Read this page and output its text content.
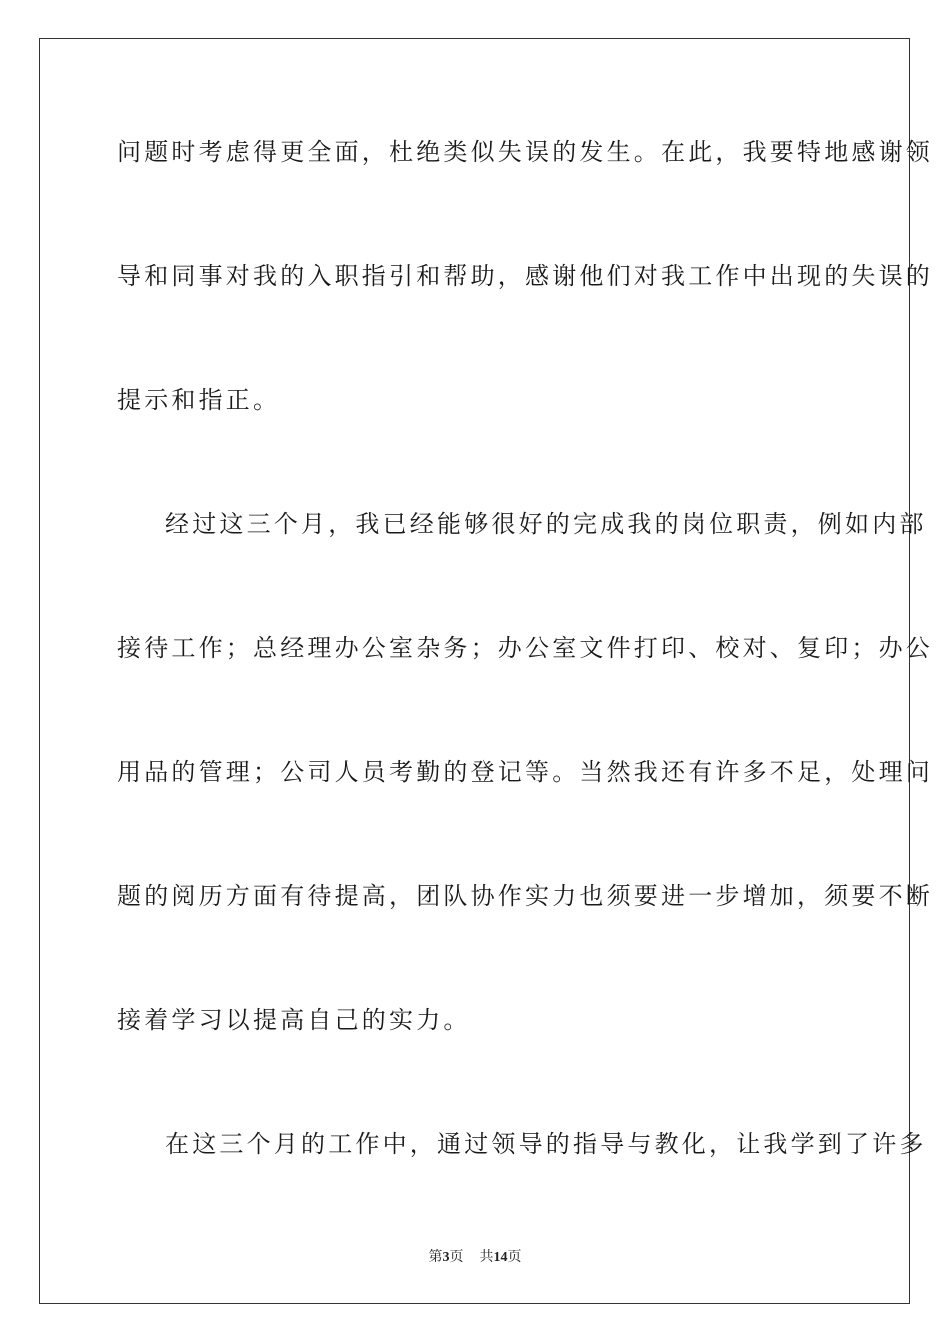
问题时考虑得更全面，杜绝类似失误的发生。在此，我要特地感谢领
导和同事对我的入职指引和帮助，感谢他们对我工作中出现的失误的
提示和指正。
经过这三个月，我已经能够很好的完成我的岗位职责，例如内部
接待工作；总经理办公室杂务；办公室文件打印、校对、复印；办公
用品的管理；公司人员考勤的登记等。当然我还有许多不足，处理问
题的阅历方面有待提高，团队协作实力也须要进一步增加，须要不断
接着学习以提高自己的实力。
在这三个月的工作中，通过领导的指导与教化，让我学到了许多
第3页 共14页
